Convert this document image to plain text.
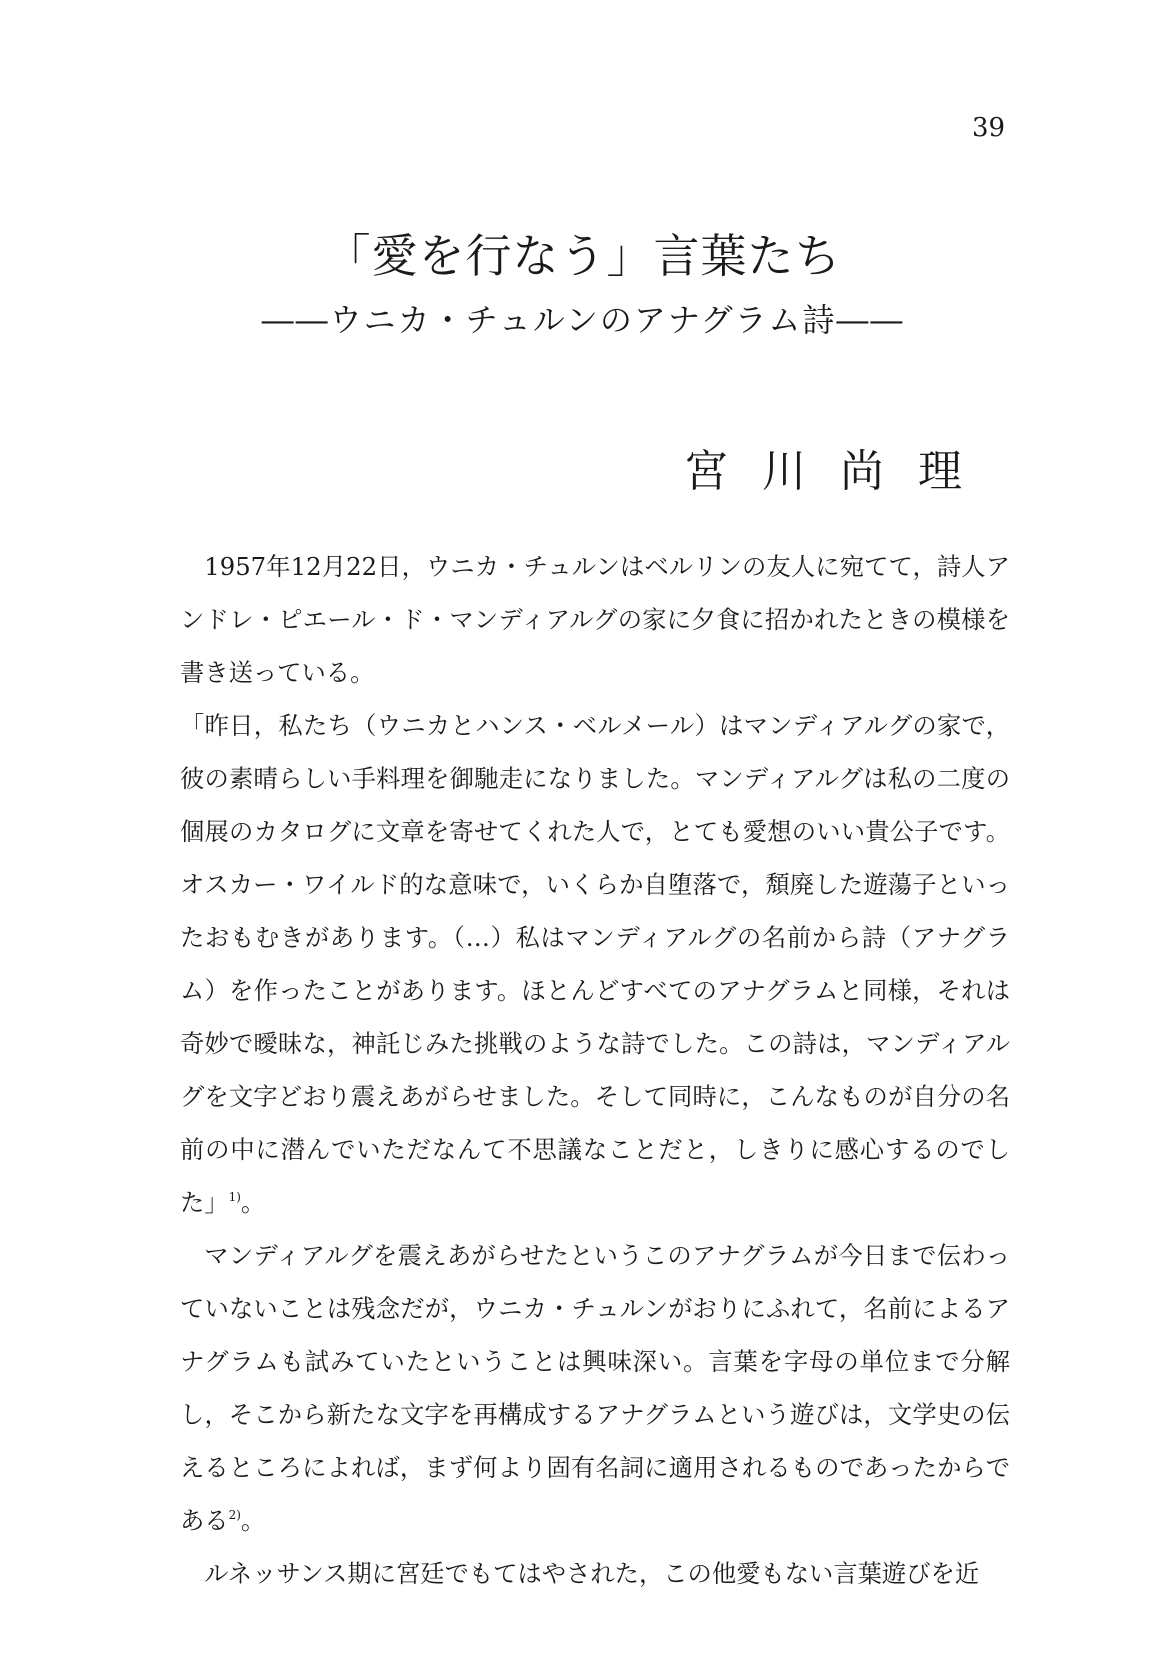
39
「愛を行なう」言葉たち
――ウニカ・チュルンのアナグラム詩――
宮川尚理

1957年12月22日，ウニカ・チュルンはベルリンの友人に宛てて，詩人アンドレ・ピエール・ド・マンディアルグの家に夕食に招かれたときの模様を書き送っている。

「昨日，私たち（ウニカとハンス・ベルメール）はマンディアルグの家で，彼の素晴らしい手料理を御馳走になりました。マンディアルグは私の二度の個展のカタログに文章を寄せてくれた人で，とても愛想のいい貴公子です。オスカー・ワイルド的な意味で，いくらか自堕落で，頽廃した遊蕩子といったおもむきがあります。（…）私はマンディアルグの名前から詩（アナグラム）を作ったことがあります。ほとんどすべてのアナグラムと同様，それは奇妙で曖昧な，神託じみた挑戦のような詩でした。この詩は，マンディアルグを文字どおり震えあがらせました。そして同時に，こんなものが自分の名前の中に潜んでいただなんて不思議なことだと，しきりに感心するのでした」$^{1)}$。

マンディアルグを震えあがらせたというこのアナグラムが今日まで伝わっていないことは残念だが，ウニカ・チュルンがおりにふれて，名前によるアナグラムも試みていたということは興味深い。言葉を字母の単位まで分解し，そこから新たな文字を再構成するアナグラムという遊びは，文学史の伝えるところによれば，まず何より固有名詞に適用されるものであったからである$^{2)}$。

ルネッサンス期に宮廷でもてはやされた，この他愛もない言葉遊びを近
